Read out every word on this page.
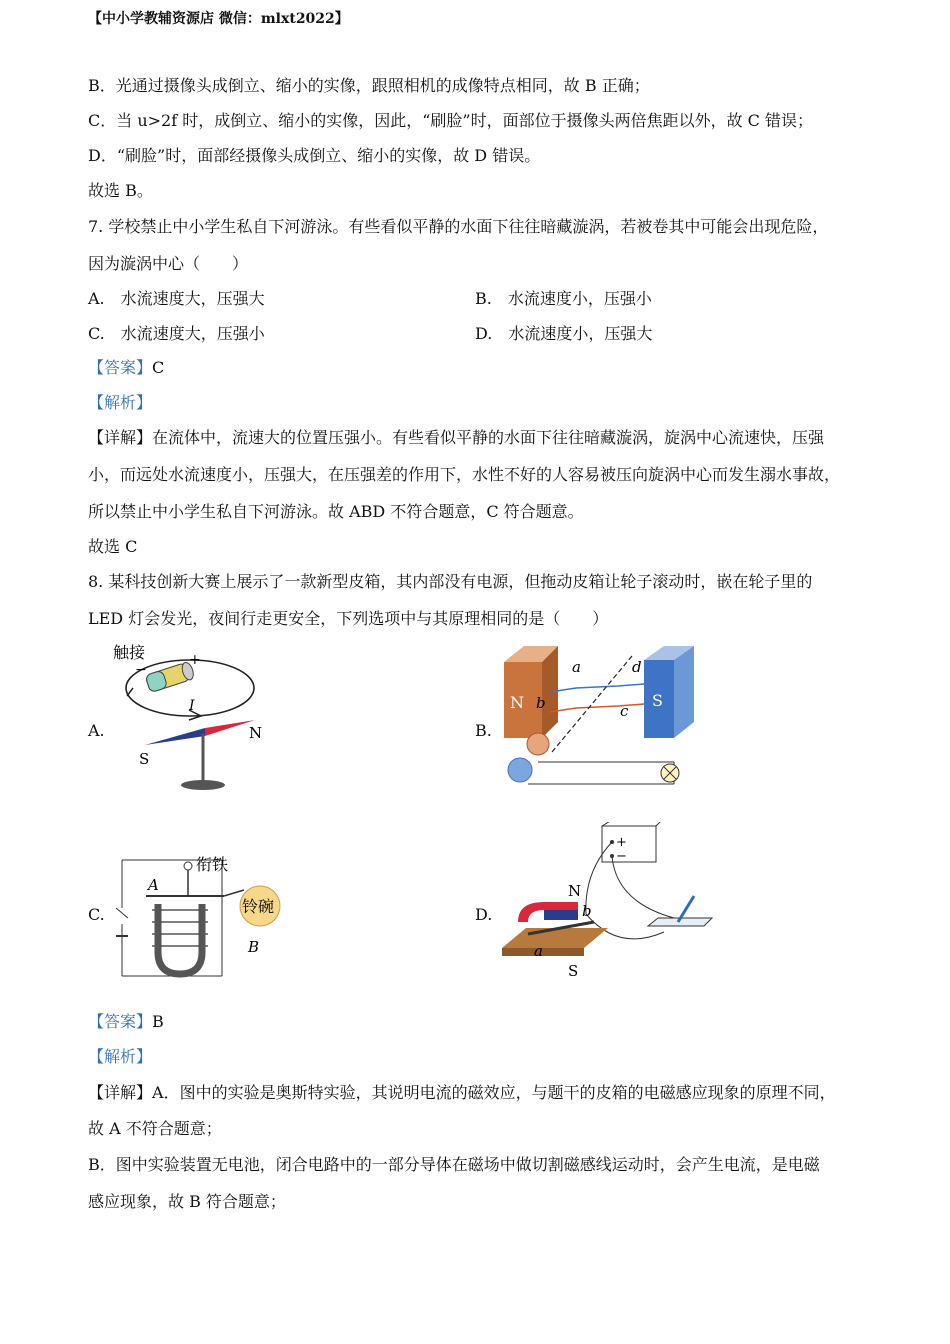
【中小学教辅资源店 微信：mlxt2022】
B．光通过摄像头成倒立、缩小的实像，跟照相机的成像特点相同，故 B 正确；
C．当 u>2f 时，成倒立、缩小的实像，因此，“刷脸”时，面部位于摄像头两倍焦距以外，故 C 错误；
D．“刷脸”时，面部经摄像头成倒立、缩小的实像，故 D 错误。
故选 B。
7. 学校禁止中小学生私自下河游泳。有些看似平静的水面下往往暗藏漩涡，若被卷其中可能会出现危险，
因为漩涡中心（　　）
A.　水流速度大，压强大	B.　水流速度小，压强小
C.　水流速度大，压强小	D.　水流速度小，压强大
【答案】C
【解析】
【详解】在流体中，流速大的位置压强小。有些看似平静的水面下往往暗藏漩涡，旋涡中心流速快，压强
小，而远处水流速度小，压强大，在压强差的作用下，水性不好的人容易被压向旋涡中心而发生溺水事故，
所以禁止中小学生私自下河游泳。故 ABD 不符合题意，C 符合题意。
故选 C
8. 某科技创新大赛上展示了一款新型皮箱，其内部没有电源，但拖动皮箱让轮子滚动时，嵌在轮子里的
LED 灯会发光，夜间行走更安全，下列选项中与其原理相同的是（　　）
A.
触接
−
+
I
N
S
B.
N	S
a
b	c
d
C.
衔铁
铃碗
A
B
D.
N
S
a
b
+
−
【答案】B
【解析】
【详解】A．图中的实验是奥斯特实验，其说明电流的磁效应，与题干的皮箱的电磁感应现象的原理不同，
故 A 不符合题意；
B．图中实验装置无电池，闭合电路中的一部分导体在磁场中做切割磁感线运动时，会产生电流，是电磁
感应现象，故 B 符合题意；
